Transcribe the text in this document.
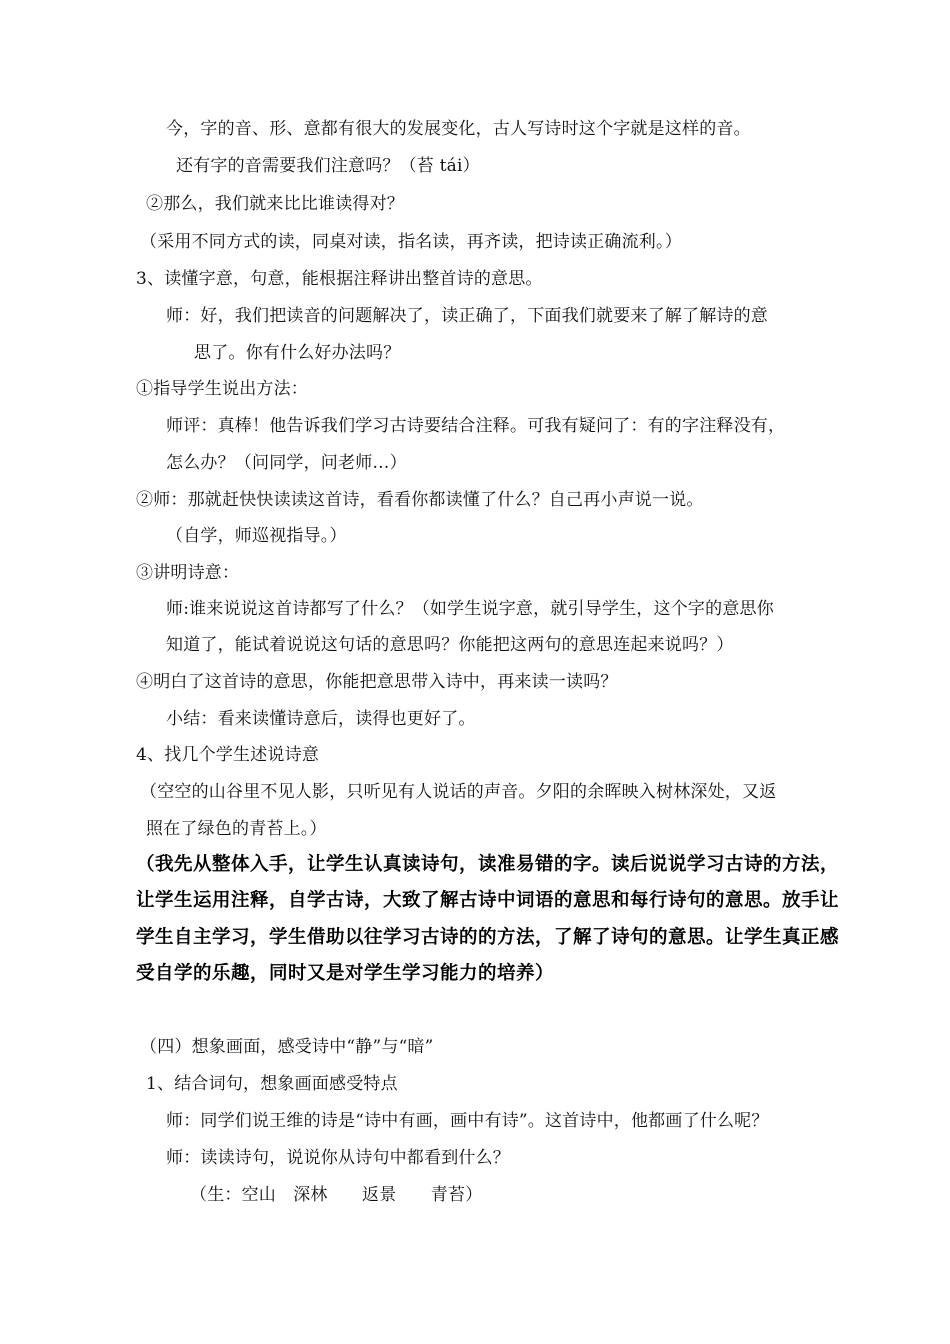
今，字的音、形、意都有很大的发展变化，古人写诗时这个字就是这样的音。
还有字的音需要我们注意吗？（苔 tái）
②那么，我们就来比比谁读得对？
（采用不同方式的读，同桌对读，指名读，再齐读，把诗读正确流利。）
3、读懂字意，句意，能根据注释讲出整首诗的意思。
师：好，我们把读音的问题解决了，读正确了，下面我们就要来了解了解诗的意
思了。你有什么好办法吗？
①指导学生说出方法：
师评：真棒！他告诉我们学习古诗要结合注释。可我有疑问了：有的字注释没有，
怎么办？（问同学，问老师…）
②师：那就赶快快读读这首诗，看看你都读懂了什么？自己再小声说一说。
（自学，师巡视指导。）
③讲明诗意：
师:谁来说说这首诗都写了什么？（如学生说字意，就引导学生，这个字的意思你
知道了，能试着说说这句话的意思吗？你能把这两句的意思连起来说吗？）
④明白了这首诗的意思，你能把意思带入诗中，再来读一读吗？
小结：看来读懂诗意后，读得也更好了。
4、找几个学生述说诗意
（空空的山谷里不见人影，只听见有人说话的声音。夕阳的余晖映入树林深处，又返
照在了绿色的青苔上。）
（我先从整体入手，让学生认真读诗句，读准易错的字。读后说说学习古诗的方法，
让学生运用注释，自学古诗，大致了解古诗中词语的意思和每行诗句的意思。放手让
学生自主学习，学生借助以往学习古诗的的方法，了解了诗句的意思。让学生真正感
受自学的乐趣，同时又是对学生学习能力的培养）
（四）想象画面，感受诗中“静”与“暗”
1、结合词句，想象画面感受特点
师：同学们说王维的诗是“诗中有画，画中有诗”。这首诗中，他都画了什么呢？
师：读读诗句，说说你从诗句中都看到什么？
（生：空山　深林　　返景　　青苔）
